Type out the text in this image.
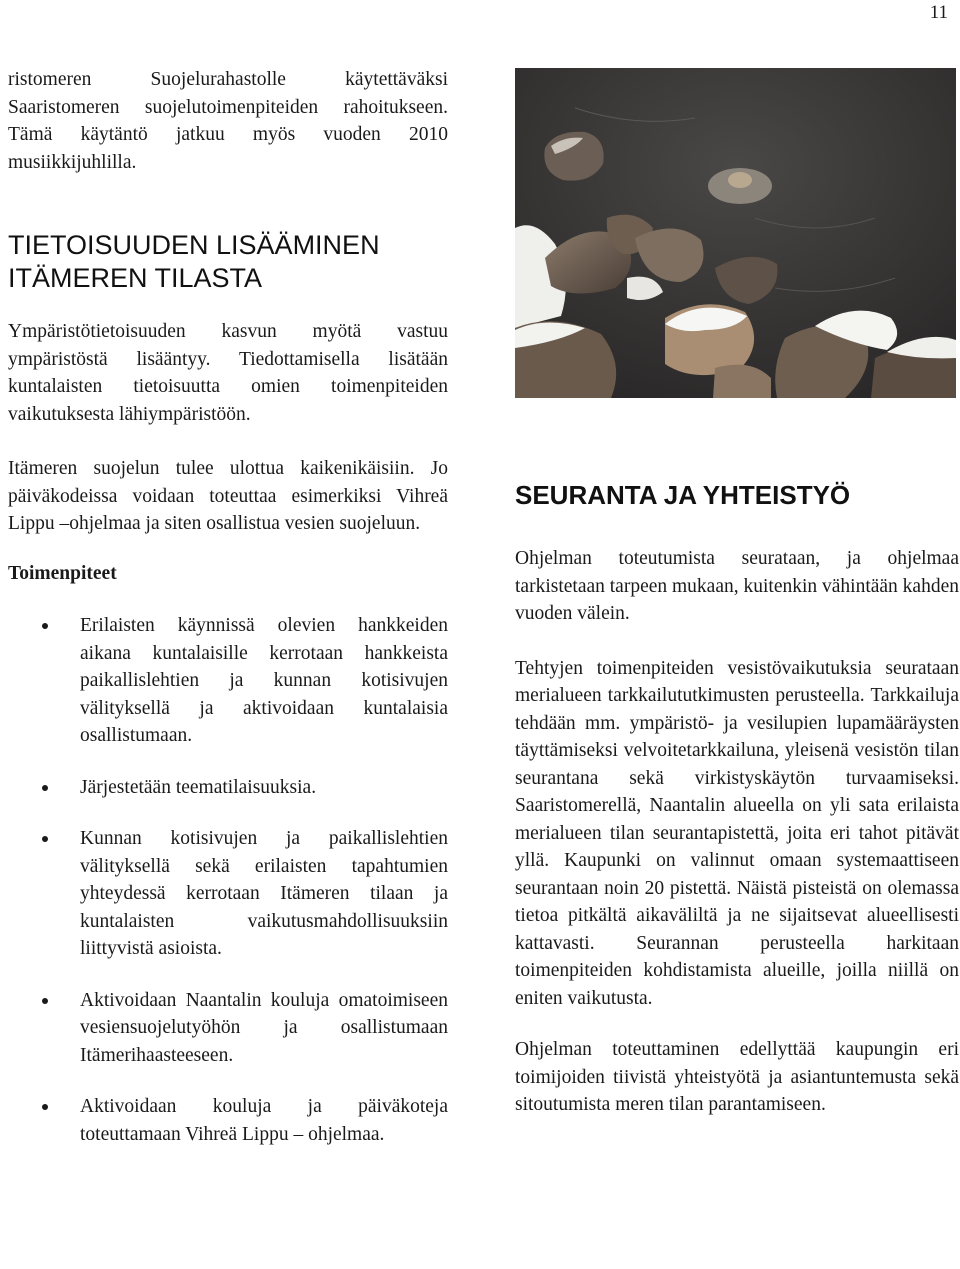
11

ristomeren Suojelurahastolle käytettäväksi Saaristomeren suojelutoimenpiteiden rahoitukseen. Tämä käytäntö jatkuu myös vuoden 2010 musiikkijuhlilla.

TIETOISUUDEN LISÄÄMINEN
ITÄMEREN TILASTA

Ympäristötietoisuuden kasvun myötä vastuu ympäristöstä lisääntyy. Tiedottamisella lisätään kuntalaisten tietoisuutta omien toimenpiteiden vaikutuksesta lähiympäristöön.

Itämeren suojelun tulee ulottua kaikenikäisiin. Jo päiväkodeissa voidaan toteuttaa esimerkiksi Vihreä Lippu –ohjelmaa ja siten osallistua vesien suojeluun.

Toimenpiteet

Erilaisten käynnissä olevien hankkeiden aikana kuntalaisille kerrotaan hankkeista paikallislehtien ja kunnan kotisivujen välityksellä ja aktivoidaan kuntalaisia osallistumaan.
Järjestetään teematilaisuuksia.
Kunnan kotisivujen ja paikallislehtien välityksellä sekä erilaisten tapahtumien yhteydessä kerrotaan Itämeren tilaan ja kuntalaisten vaikutusmahdollisuuksiin liittyvistä asioista.
Aktivoidaan Naantalin kouluja omatoimiseen vesiensuojelutyöhön ja osallistumaan Itämerihaasteeseen.
Aktivoidaan kouluja ja päiväkoteja toteuttamaan Vihreä Lippu – ohjelmaa.
SEURANTA JA YHTEISTYÖ

Ohjelman toteutumista seurataan, ja ohjelmaa tarkistetaan tarpeen mukaan, kuitenkin vähintään kahden vuoden välein.

Tehtyjen toimenpiteiden vesistövaikutuksia seurataan merialueen tarkkailututkimusten perusteella. Tarkkailuja tehdään mm. ympäristö- ja vesilupien lupamääräysten täyttämiseksi velvoitetarkkailuna, yleisenä vesistön tilan seurantana sekä virkistyskäytön turvaamiseksi. Saaristomerellä, Naantalin alueella on yli sata erilaista merialueen tilan seurantapistettä, joita eri tahot pitävät yllä. Kaupunki on valinnut omaan systemaattiseen seurantaan noin 20 pistettä. Näistä pisteistä on olemassa tietoa pitkältä aikaväliltä ja ne sijaitsevat alueellisesti kattavasti. Seurannan perusteella harkitaan toimenpiteiden kohdistamista alueille, joilla niillä on eniten vaikutusta.

Ohjelman toteuttaminen edellyttää kaupungin eri toimijoiden tiivistä yhteistyötä ja asiantuntemusta sekä sitoutumista meren tilan parantamiseen.
